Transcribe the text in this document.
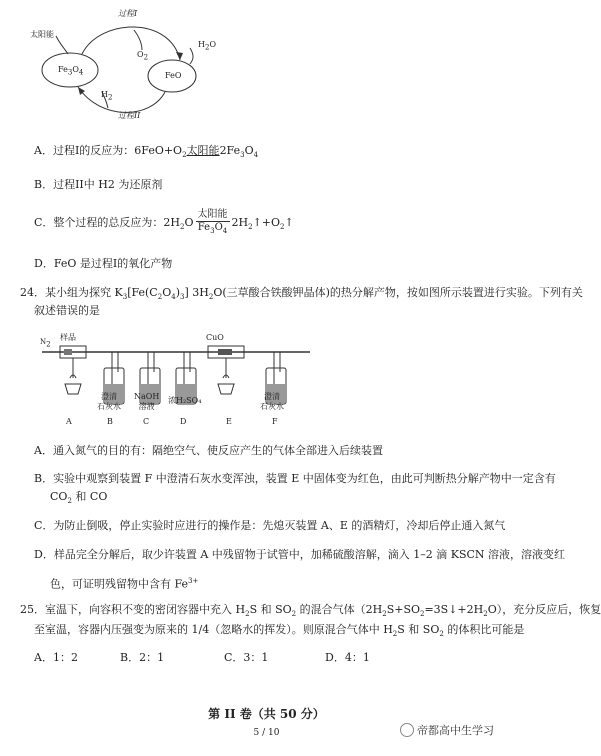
太阳能
过程I
过程II
$O_2$
$H_2O$
$H_2$
$Fe_3O_4$	FeO
A．过程I的反应为：$6FeO+O_2$太阳能$2Fe_3O_4$
B．过程II中 H2 为还原剂
C．整个过程的总反应为：$2H_2O \frac{\text{太阳能}}{Fe_3O_4}$ $2H_2↑+O_2↑$
D．FeO 是过程I的氧化产物
24．某小组为探究 $K_3[Fe(C_2O_4)_3]$ $3H_2O$(三草酸合铁酸钾晶体)的热分解产物，按如图所示装置进行实验。下列有关
叙述错误的是
$N_2$
样品	CuO
澄清
石灰水
NaOH
溶液
浓H₂SO₄	澄清
石灰水
A	B	C	D	E	F
A．通入氮气的目的有：隔绝空气、使反应产生的气体全部进入后续装置
B．实验中观察到装置 F 中澄清石灰水变浑浊，装置 E 中固体变为红色，由此可判断热分解产物中一定含有
$CO_2$ 和 CO
C．为防止倒吸，停止实验时应进行的操作是：先熄灭装置 A、E 的酒精灯，冷却后停止通入氮气
D．样品完全分解后，取少许装置 A 中残留物于试管中，加稀硫酸溶解，滴入 1–2 滴 KSCN 溶液，溶液变红
色，可证明残留物中含有 $Fe^{3+}$
25．室温下，向容积不变的密闭容器中充入 $H_2S$ 和 $SO_2$ 的混合气体$(2H_2S+SO_2=3S↓+2H_2O)$，充分反应后，恢复
至室温，容器内压强变为原来的 1/4（忽略水的挥发）。则原混合气体中 $H_2S$ 和 $SO_2$ 的体积比可能是
A．1：2	B．2：1	C．3：1	D．4：1
第 II 卷（共 50 分）
5 / 10	帝都高中生学习
